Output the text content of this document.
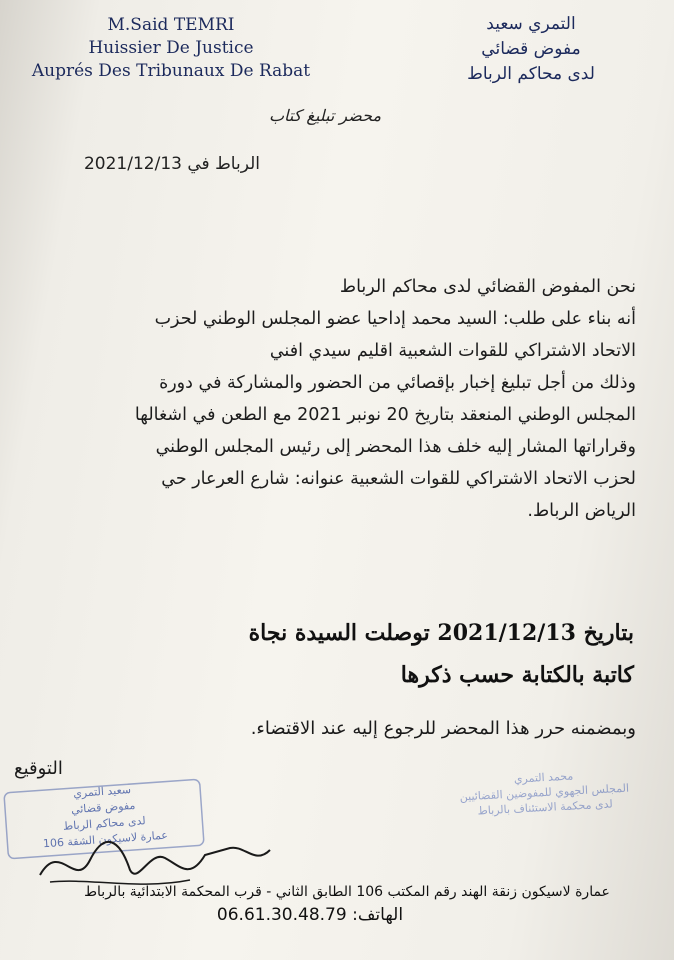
M.Said TEMRI
Huissier De Justice
Auprés Des Tribunaux De Rabat
التمري سعيد
مفوض قضائي
لدى محاكم الرباط
محضر تبليغ كتاب
الرباط في 2021/12/13
نحن المفوض القضائي لدى محاكم الرباط
أنه بناء على طلب: السيد محمد إداحيا عضو المجلس الوطني لحزب
الاتحاد الاشتراكي للقوات الشعبية اقليم سيدي افني
وذلك من أجل تبليغ إخبار بإقصائي من الحضور والمشاركة في دورة
المجلس الوطني المنعقد بتاريخ 20 نونبر 2021 مع الطعن في اشغالها
وقراراتها المشار إليه خلف هذا المحضر إلى رئيس المجلس الوطني
لحزب الاتحاد الاشتراكي للقوات الشعبية عنوانه: شارع العرعار حي
الرياض الرباط.
بتاريخ 2021/12/13 توصلت السيدة نجاة
كاتبة بالكتابة حسب ذكرها
وبمضمنه حرر هذا المحضر للرجوع إليه عند الاقتضاء.
التوقيع
سعيد التمري
مفوض قضائي
لدى محاكم الرباط
عمارة لاسيكون الشقة 106
محمد التمري
المجلس الجهوي للمفوضين القضائيين
لدى محكمة الاستئناف بالرباط
عمارة لاسيكون زنقة الهند رقم المكتب 106 الطابق الثاني - قرب المحكمة الابتدائية بالرباط
الهاتف: 06.61.30.48.79
